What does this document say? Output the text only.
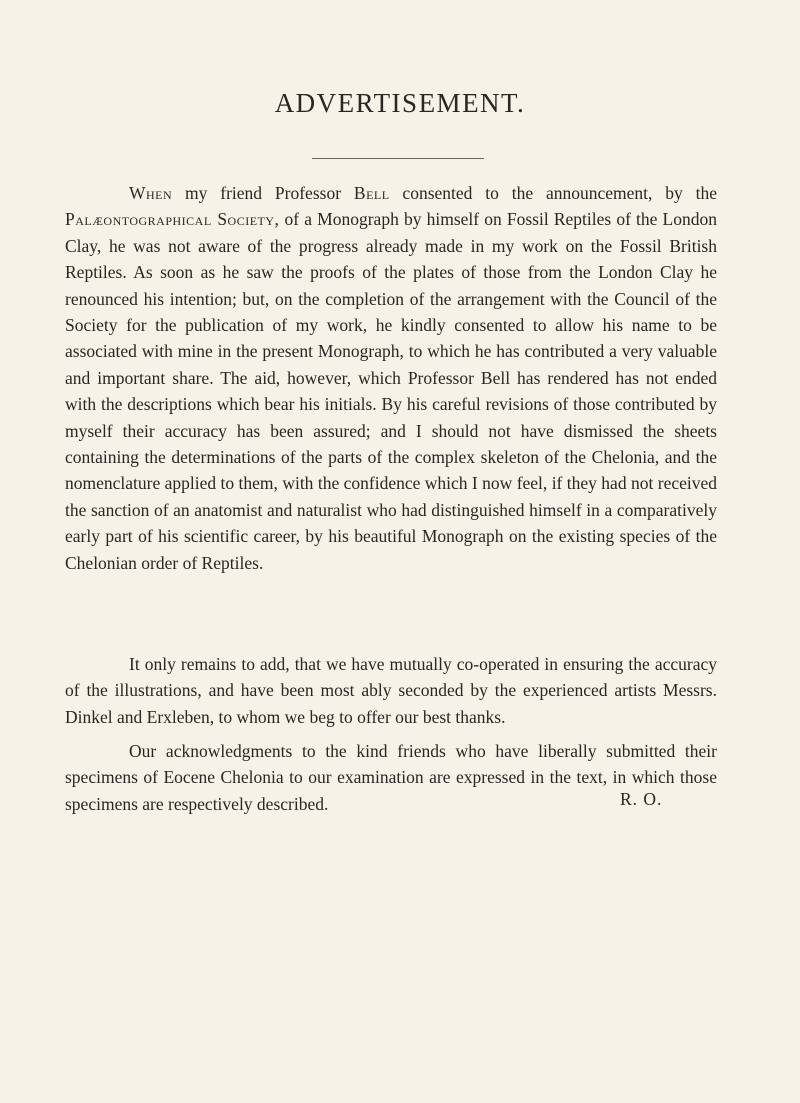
ADVERTISEMENT.
When my friend Professor Bell consented to the announcement, by the Palæontographical Society, of a Monograph by himself on Fossil Reptiles of the London Clay, he was not aware of the progress already made in my work on the Fossil British Reptiles. As soon as he saw the proofs of the plates of those from the London Clay he renounced his intention; but, on the completion of the arrangement with the Council of the Society for the publication of my work, he kindly consented to allow his name to be associated with mine in the present Monograph, to which he has contributed a very valuable and important share. The aid, however, which Professor Bell has rendered has not ended with the descriptions which bear his initials. By his careful revisions of those contributed by myself their accuracy has been assured; and I should not have dismissed the sheets containing the determinations of the parts of the complex skeleton of the Chelonia, and the nomenclature applied to them, with the confidence which I now feel, if they had not received the sanction of an anatomist and naturalist who had distinguished himself in a comparatively early part of his scientific career, by his beautiful Monograph on the existing species of the Chelonian order of Reptiles.
It only remains to add, that we have mutually co-operated in ensuring the accuracy of the illustrations, and have been most ably seconded by the experienced artists Messrs. Dinkel and Erxleben, to whom we beg to offer our best thanks.
Our acknowledgments to the kind friends who have liberally submitted their specimens of Eocene Chelonia to our examination are expressed in the text, in which those specimens are respectively described.	R. O.
